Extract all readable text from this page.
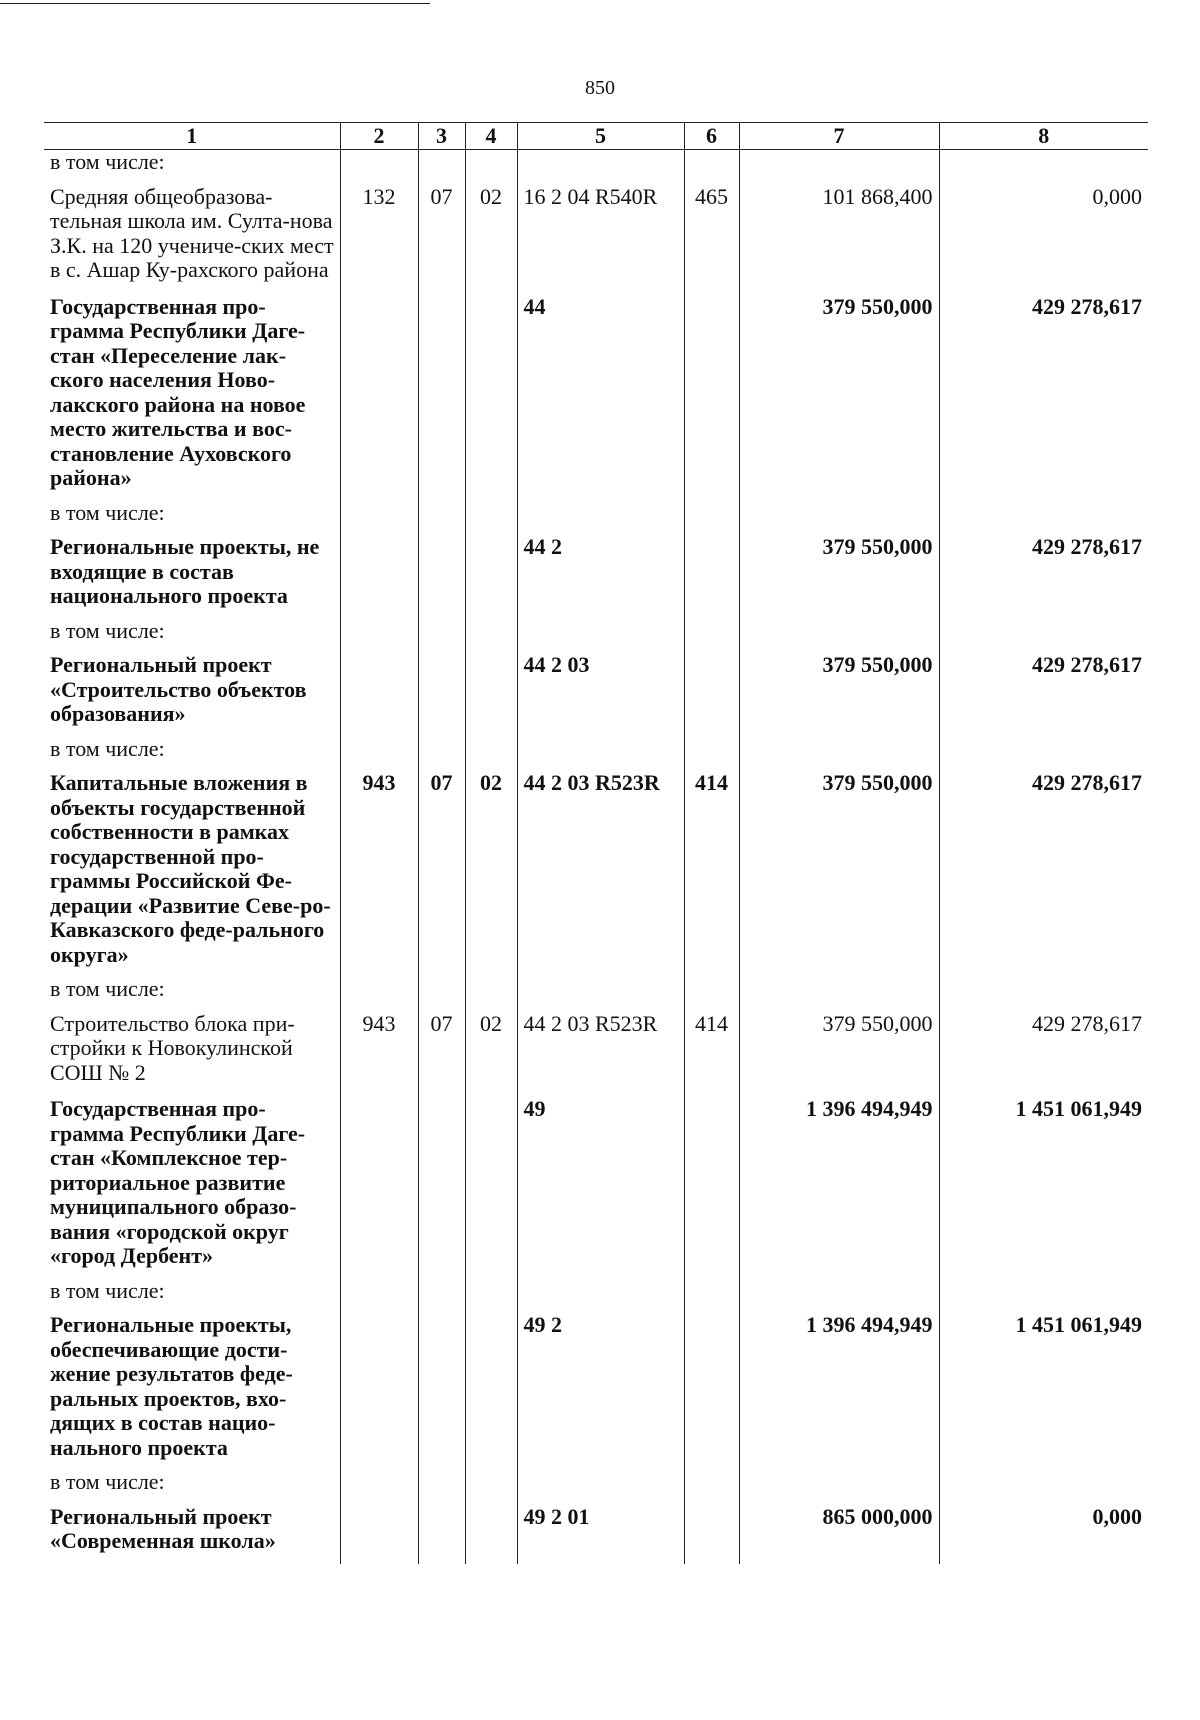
850
1	2	3	4	5	6	7	8
в том числе:							
Средняя общеобразова-тельная школа им. Султа-нова З.К. на 120 учениче-ских мест в с. Ашар Ку-рахского района	132	07	02	16 2 04 R540R	465	101 868,400	0,000
Государственная про-грамма Республики Даге-стан «Переселение лак-ского населения Ново-лакского района на новое место жительства и вос-становление Ауховского района»				44		379 550,000	429 278,617
в том числе:							
Региональные проекты, не входящие в состав национального проекта				44 2		379 550,000	429 278,617
в том числе:							
Региональный проект «Строительство объектов образования»				44 2 03		379 550,000	429 278,617
в том числе:							
Капитальные вложения в объекты государственной собственности в рамках государственной про-граммы Российской Фе-дерации «Развитие Севе-ро-Кавказского феде-рального округа»	943	07	02	44 2 03 R523R	414	379 550,000	429 278,617
в том числе:							
Строительство блока при-стройки к Новокулинской СОШ № 2	943	07	02	44 2 03 R523R	414	379 550,000	429 278,617
Государственная про-грамма Республики Даге-стан «Комплексное тер-риториальное развитие муниципального образо-вания «городской округ «город Дербент»				49		1 396 494,949	1 451 061,949
в том числе:							
Региональные проекты, обеспечивающие дости-жение результатов феде-ральных проектов, вхо-дящих в состав нацио-нального проекта				49 2		1 396 494,949	1 451 061,949
в том числе:							
Региональный проект «Современная школа»				49 2 01		865 000,000	0,000
